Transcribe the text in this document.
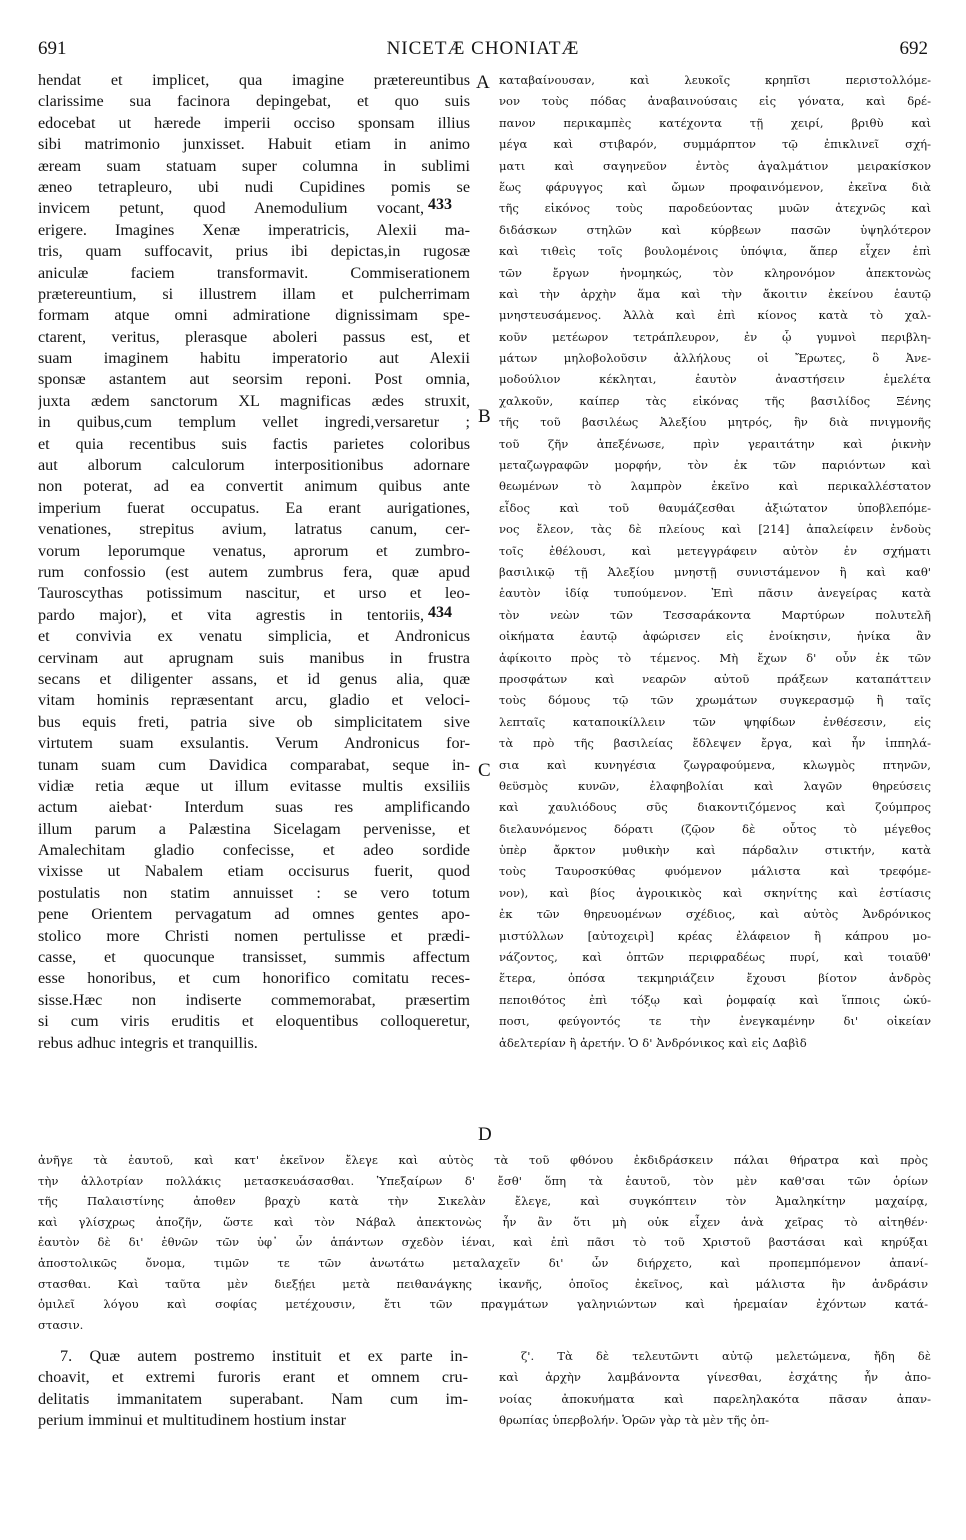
691	NICETÆ CHONIATÆ	692
hendat et implicet, qua imagine prætereuntibus
clarissime sua facinora depingebat, et quo suis
edocebat ut hærede imperii occiso sponsam illius
sibi matrimonio junxisset. Habuit etiam in animo
æream suam statuam super columna in sublimi
æneo tetrapleuro, ubi nudi Cupidines pomis se
invicem petunt, quod Anemodulium vocant,
erigere. Imagines Xenæ imperatricis, Alexii ma-
tris, quam suffocavit, prius ibi depictas,in rugosæ
aniculæ faciem transformavit. Commiserationem
prætereuntium, si illustrem illam et pulcherrimam
formam atque omni admiratione dignissimam spe-
ctarent, veritus, plerasque aboleri passus est, et
suam imaginem habitu imperatorio aut Alexii
sponsæ astantem aut seorsim reponi. Post omnia,
juxta ædem sanctorum XL magnificas ædes struxit,
in quibus,cum templum vellet ingredi,versaretur ;
et quia recentibus suis factis parietes coloribus
aut alborum calculorum interpositionibus adornare
non poterat, ad ea convertit animum quibus ante
imperium fuerat occupatus. Ea erant aurigationes,
venationes, strepitus avium, latratus canum, cer-
vorum leporumque venatus, aprorum et zumbro-
rum confossio (est autem zumbrus fera, quæ apud
Tauroscythas potissimum nascitur, et urso et leo-
pardo major), et vita agrestis in tentoriis,
et convivia ex venatu simplicia, et Andronicus
cervinam aut aprugnam suis manibus in frustra
secans et diligenter assans, et id genus alia, quæ
vitam hominis repræsentant arcu, gladio et veloci-
bus equis freti, patria sive ob simplicitatem sive
virtutem suam exsulantis. Verum Andronicus for-
tunam suam cum Davidica comparabat, seque in-
vidiæ retia æque ut illum evitasse multis exsiliis
actum aiebat· Interdum suas res amplificando
illum parum a Palæstina Sicelagam pervenisse, et
Amalechitam gladio confecisse, et adeo sordide
vixisse ut Nabalem etiam occisurus fuerit, quod
postulatis non statim annuisset : se vero totum
pene Orientem pervagatum ad omnes gentes apo-
stolico more Christi nomen pertulisse et prædi-
casse, et quocunque transisset, summis affectum
esse honoribus, et cum honorifico comitatu reces-
sisse.Hæc non indiserte commemorabat, præsertim
si cum viris eruditis et eloquentibus colloqueretur,
rebus adhuc integris et tranquillis.
καταβαίνουσαν, καὶ λευκοῖς κρηπῖσι περιστολλόμε-
νον τοὺς πόδας ἀναβαινούσαις εἰς γόνατα, καὶ δρέ-
πανον περικαμπὲς κατέχοντα τῇ χειρί, βριθὺ καὶ
μέγα καὶ στιβαρόν, συμμάρπτον τῷ ἐπικλινεῖ σχή-
ματι καὶ σαγηνεῦον ἐντὸς ἀγαλμάτιον μειρακίσκον
ἕως φάρυγγος καὶ ὤμων προφαινόμενον, ἐκεῖνα διὰ
τῆς εἰκόνος τοὺς παροδεύοντας μυῶν ἀτεχνῶς καὶ
διδάσκων στηλῶν καὶ κύρβεων πασῶν ὑψηλότερον
καὶ τιθεὶς τοῖς βουλομένοις ὑπόψια, ἅπερ εἶχεν ἐπὶ
τῶν ἔργων ἠνομηκώς, τὸν κληρονόμον ἀπεκτονὼς
καὶ τὴν ἀρχὴν ἅμα καὶ τὴν ἄκοιτιν ἐκείνου ἑαυτῷ
μνηστευσάμενος. Ἀλλὰ καὶ ἐπὶ κίονος κατὰ τὸ χαλ-
κοῦν μετέωρον τετράπλευρον, ἐν ᾧ γυμνοὶ περιβλη-
μάτων μηλοβολοῦσιν ἀλλήλους οἱ Ἔρωτες, ὃ Ἀνε-
μοδούλιον κέκληται, ἑαυτὸν ἀναστήσειν ἐμελέτα
χαλκοῦν, καίπερ τὰς εἰκόνας τῆς βασιλίδος Ξένης
τῆς τοῦ βασιλέως Ἀλεξίου μητρός, ἣν διὰ πνιγμονῆς
τοῦ ζῆν ἀπεξένωσε, πρὶν γεραιτάτην καὶ ῥικνὴν
μεταζωγραφῶν μορφήν, τὸν ἐκ τῶν παριόντων καὶ
θεωμένων τὸ λαμπρὸν ἐκεῖνο καὶ περικαλλέστατον
εἶδος καὶ τοῦ θαυμάζεσθαι ἀξιώτατον ὑποβλεπόμε-
νος ἔλεον, τὰς δὲ πλείους καὶ [214] ἀπαλείφειν ἐνδοὺς
τοῖς ἐθέλουσι, καὶ μετεγγράφειν αὐτὸν ἐν σχήματι
βασιλικῷ τῇ Ἀλεξίου μνηστῇ συνιστάμενον ἢ καὶ καθ'
ἑαυτὸν ἰδίᾳ τυπούμενον. Ἐπὶ πᾶσιν ἀνεγείρας κατὰ
τὸν νεὼν τῶν Τεσσαράκοντα Μαρτύρων πολυτελῆ
οἰκήματα ἑαυτῷ ἀφώρισεν εἰς ἐνοίκησιν, ἡνίκα ἂν
ἀφίκοιτο πρὸς τὸ τέμενος. Μὴ ἔχων δ' οὖν ἐκ τῶν
προσφάτων καὶ νεαρῶν αὐτοῦ πράξεων καταπάττειν
τοὺς δόμους τῷ τῶν χρωμάτων συγκερασμῷ ἢ ταῖς
λεπταῖς καταποικίλλειν τῶν ψηφίδων ἐνθέσεσιν, εἰς
τὰ πρὸ τῆς βασιλείας ἔδλεψεν ἔργα, καὶ ἦν ἱππηλά-
σια καὶ κυνηγέσια ζωγραφούμενα, κλωγμὸς πτηνῶν,
θεϋσμὸς κυνῶν, ἐλαφηβολίαι καὶ λαγῶν θηρεύσεις
καὶ χαυλιόδους σῦς διακοντιζόμενος καὶ ζούμπρος
διελαυνόμενος δόρατι (ζῷον δὲ οὗτος τὸ μέγεθος
ὑπὲρ ἄρκτον μυθικὴν καὶ πάρδαλιν στικτήν, κατὰ
τοὺς Ταυροσκύθας φυόμενον μάλιστα καὶ τρεφόμε-
νον), καὶ βίος ἀγροικικὸς καὶ σκηνίτης καὶ ἑστίασις
ἐκ τῶν θηρευομένων σχέδιος, καὶ αὐτὸς Ἀνδρόνικος
μιστύλλων [αὐτοχειρὶ] κρέας ἐλάφειον ἢ κάπρου μο-
νάζοντος, καὶ ὀπτῶν περιφραδέως πυρί, καὶ τοιαῦθ'
ἕτερα, ὁπόσα τεκμηριάζειν ἔχουσι βίοτον ἀνδρὸς
πεποιθότος ἐπὶ τόξῳ καὶ ῥομφαίᾳ καὶ ἵπποις ὠκύ-
ποσι, φεύγοντός τε τὴν ἐνεγκαμένην δι' οἰκείαν
ἀδελτερίαν ἢ ἀρετήν. Ὁ δ' Ἀνδρόνικος καὶ εἰς Δαβὶδ
A
B
C
D
433
434
ἀνῆγε τὰ ἑαυτοῦ, καὶ κατ' ἐκεῖνον ἔλεγε καὶ αὐτὸς τὰ τοῦ φθόνου ἐκδιδράσκειν πάλαι θήρατρα καὶ πρὸς
τὴν ἀλλοτρίαν πολλάκις μετασκευάσασθαι. Ὑπεξαίρων δ' ἔσθ' ὅπη τὰ ἑαυτοῦ, τὸν μὲν καθ'σαι τῶν ὁρίων
τῆς Παλαιστίνης ἀποθεν βραχὺ κατὰ τὴν Σικελὰν ἔλεγε, καὶ συγκόπτειν τὸν Ἀμαληκίτην μαχαίρᾳ,
καὶ γλίσχρως ἀποζῆν, ὥστε καὶ τὸν Νάβαλ ἀπεκτονὼς ἦν ἂν ὅτι μὴ οὐκ εἶχεν ἀνὰ χεῖρας τὸ αἰτηθέν·
ἑαυτὸν δὲ δι' ἐθνῶν τῶν ὑφ᾽ ὧν ἁπάντων σχεδὸν ἰέναι, καὶ ἐπὶ πᾶσι τὸ τοῦ Χριστοῦ βαστάσαι καὶ κηρύξαι
ἀποστολικῶς ὄνομα, τιμῶν τε τῶν ἀνωτάτω μεταλαχεῖν δι' ὧν διήρχετο, καὶ προπεμπόμενον ἀπανί-
στασθαι. Καὶ ταῦτα μὲν διεξῄει μετὰ πειθανάγκης ἱκανῆς, ὁποῖος ἐκεῖνος, καὶ μάλιστα ἢν ἀνδράσιν
ὁμιλεῖ λόγου καὶ σοφίας μετέχουσιν, ἔτι τῶν πραγμάτων γαληνιώντων καὶ ἠρεμαίαν ἐχόντων κατά-
στασιν.
7. Quæ autem postremo instituit et ex parte in-
choavit, et extremi furoris erant et omnem cru-
delitatis immanitatem superabant. Nam cum im-
perium imminui et multitudinem hostium instar
ζ'. Τὰ δὲ τελευτῶντι αὐτῷ μελετώμενα, ἤδη δὲ
καὶ ἀρχὴν λαμβάνοντα γίνεσθαι, ἐσχάτης ἦν ἀπο-
νοίας ἀποκυήματα καὶ παρεληλακότα πᾶσαν ἀπαν-
θρωπίας ὑπερβολήν. Ὁρῶν γὰρ τὰ μὲν τῆς ὀπ-
